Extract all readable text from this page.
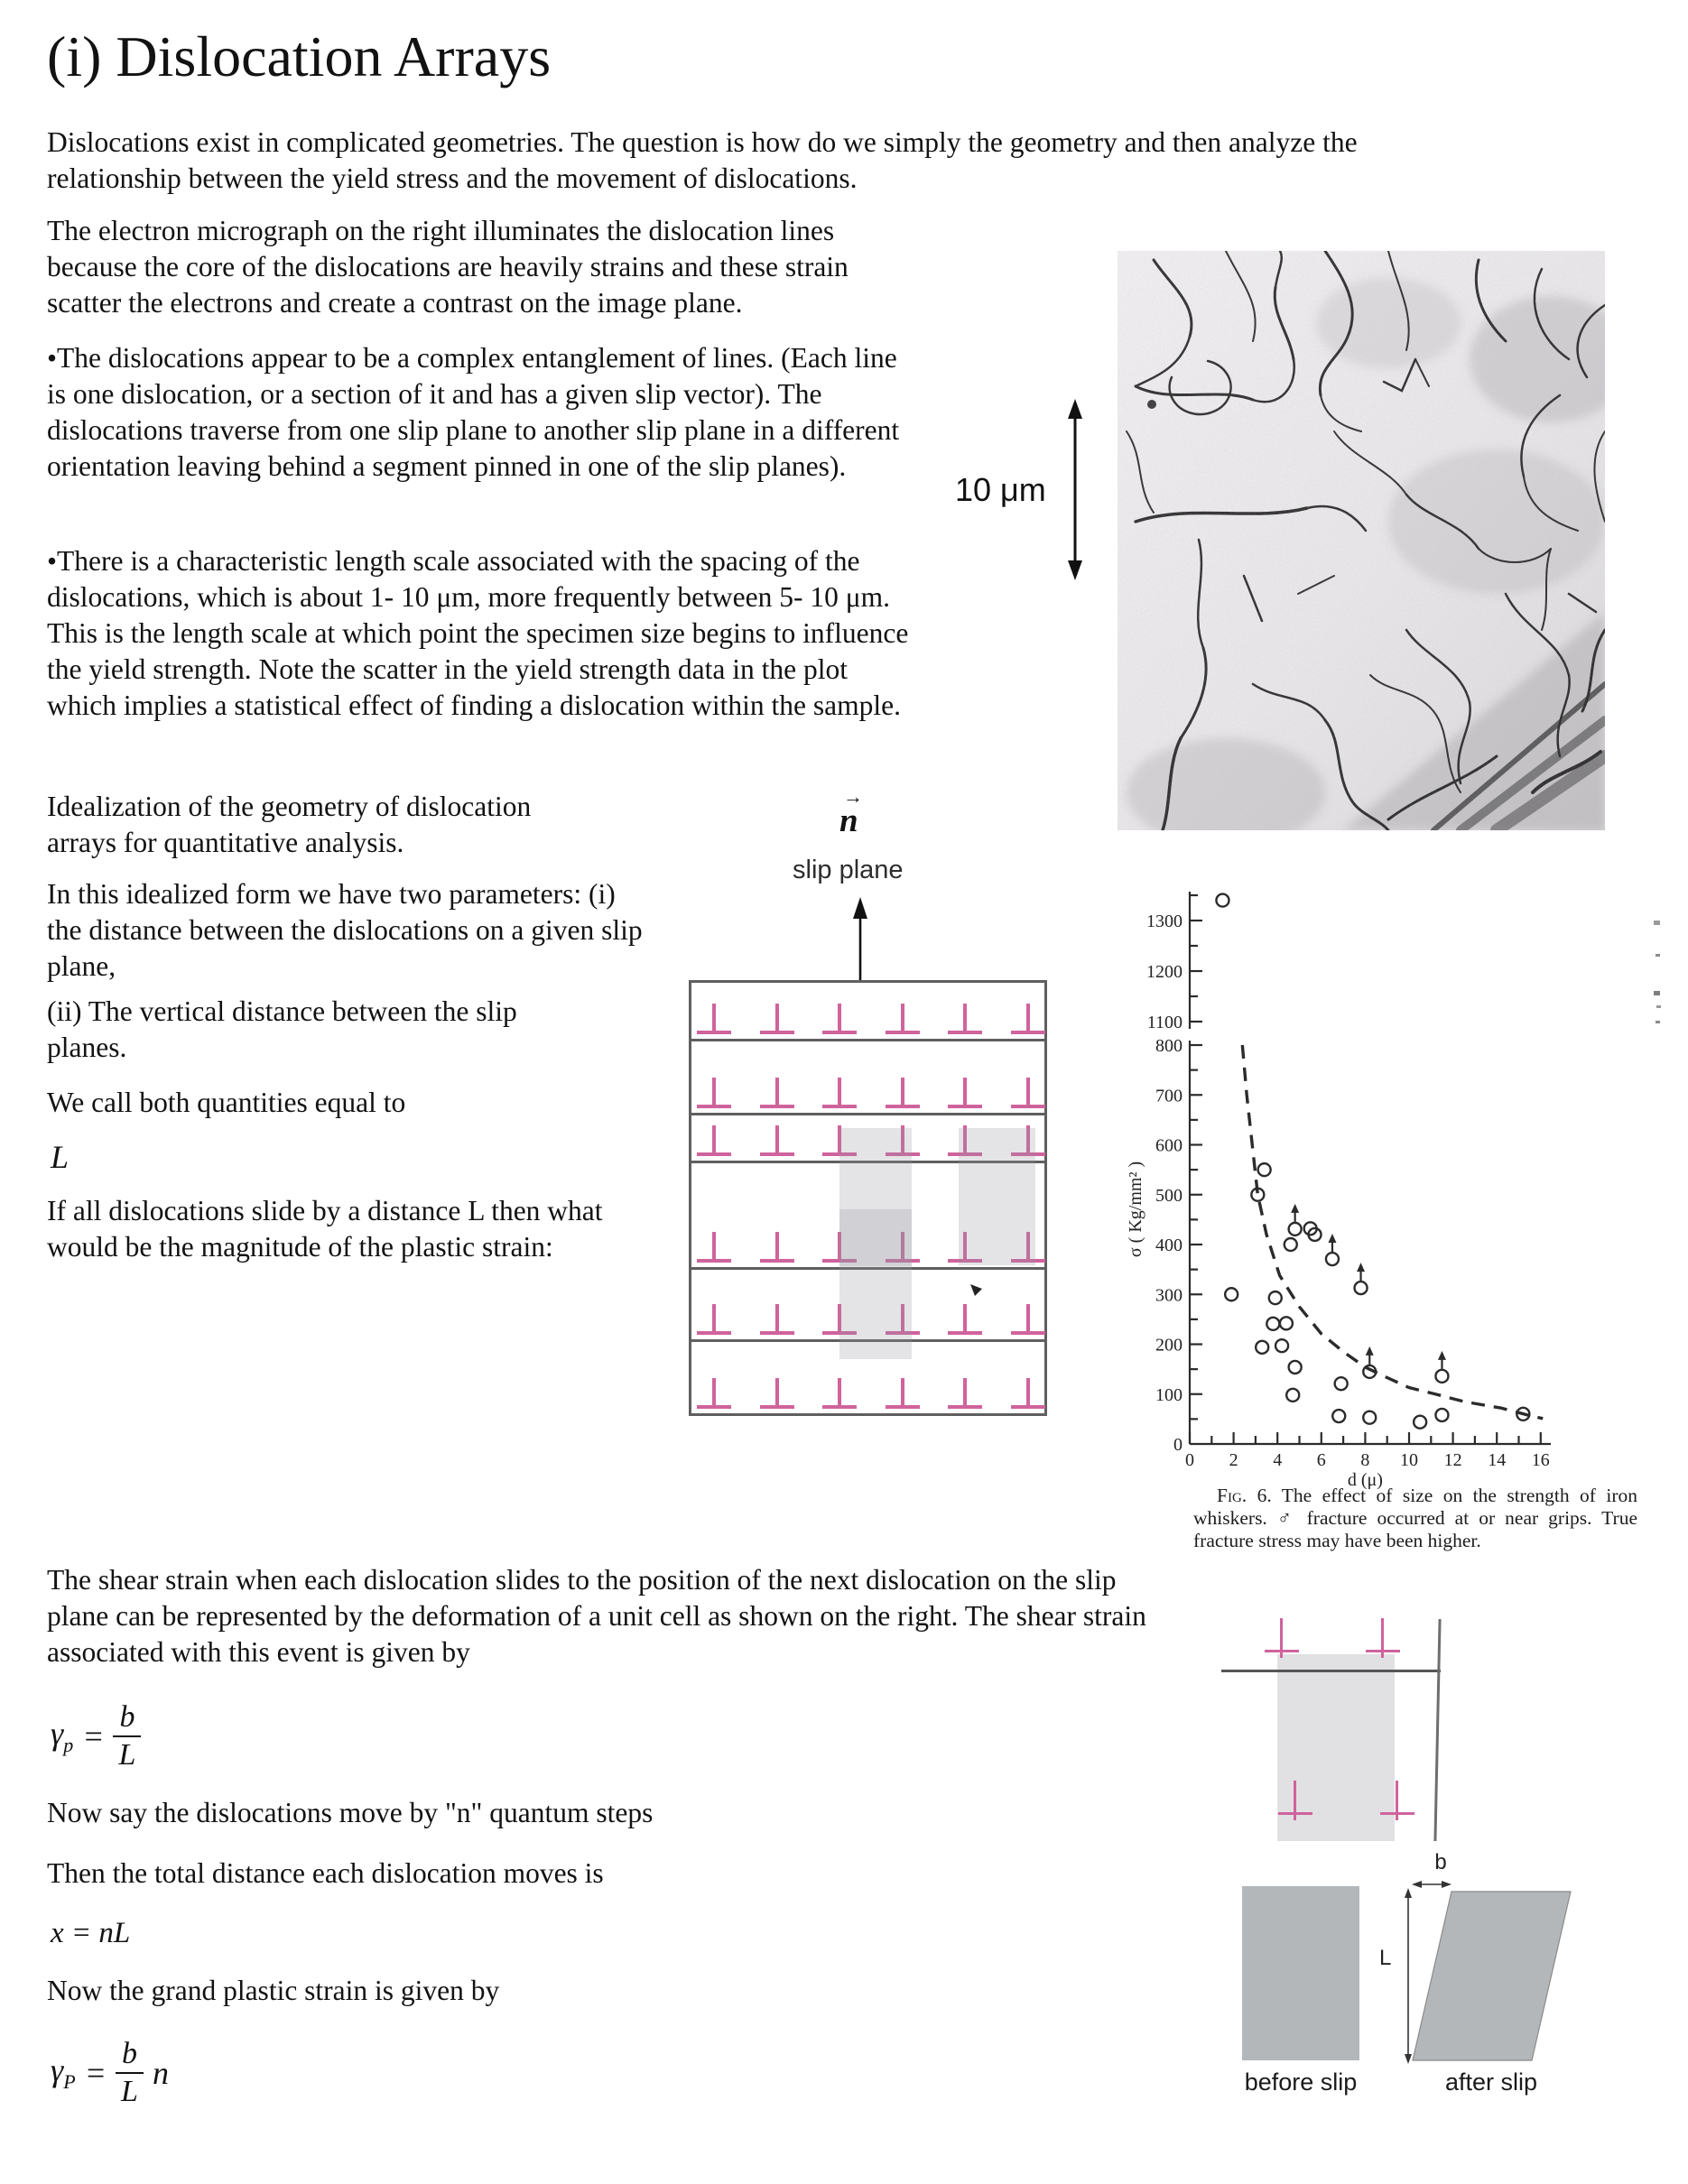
(i) Dislocation Arrays
Dislocations exist in complicated geometries. The question is how do we simply the geometry and then analyze the relationship between the yield stress and the movement of dislocations.
The electron micrograph on the right illuminates the dislocation lines because the core of the dislocations are heavily strains and these strain scatter the electrons and create a contrast on the image plane.
•The dislocations appear to be a complex entanglement of lines. (Each line is one dislocation, or a section of it and has a given slip vector). The dislocations traverse from one slip plane to another slip plane in a different orientation leaving behind a segment pinned in one of the slip planes).
•There is a characteristic length scale associated with the spacing of the dislocations, which is about 1- 10 μm, more frequently between 5- 10 μm. This is the length scale at which point the specimen size begins to influence the yield strength. Note the scatter in the yield strength data in the plot which implies a statistical effect of finding a dislocation within the sample.
Idealization of the geometry of dislocation arrays for quantitative analysis.
In this idealized form we have two parameters: (i) the distance between the dislocations on a given slip plane,
(ii) The vertical distance between the slip planes.
We call both quantities equal to
L
If all dislocations slide by a distance L then what would be the magnitude of the plastic strain:
10 μm
→
n
slip plane
0 2 4 6 8 10 12 14 16
0
100
200
300
400
500
600
700
800
1100
1200
1300
d (μ)
σ ( Kg/mm² )
Fig. 6. The effect of size on the strength of iron whiskers. ♂ fracture occurred at or near grips. True fracture stress may have been higher.
The shear strain when each dislocation slides to the position of the next dislocation on the slip plane can be represented by the deformation of a unit cell as shown on the right. The shear strain associated with this event is given by
$\gamma_p = \frac{b}{L}$
Now say the dislocations move by "n" quantum steps
Then the total distance each dislocation moves is
x = nL
Now the grand plastic strain is given by
$\gamma_P = \frac{b}{L}$ n	before slip
b
L
after slip
